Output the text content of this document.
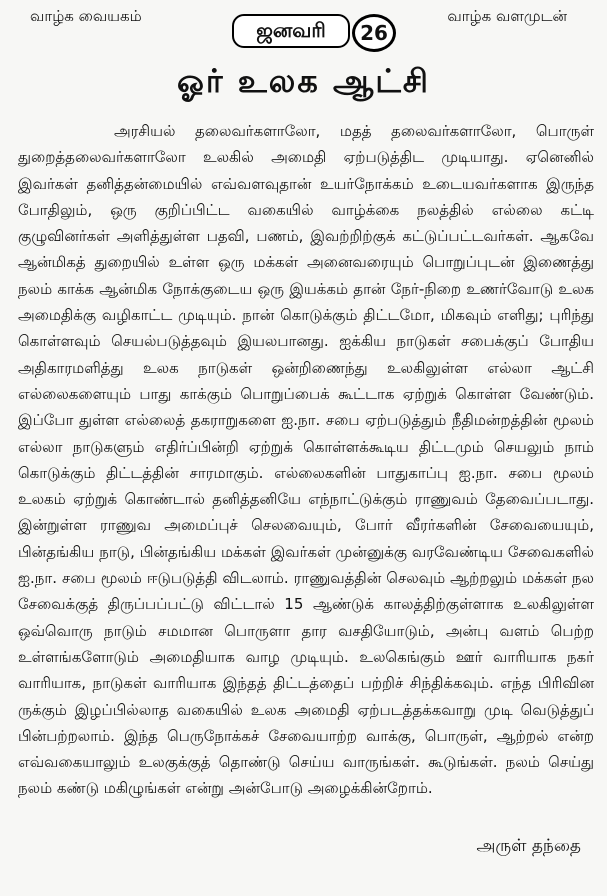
வாழ்க வையகம்	வாழ்க வளமுடன்
ஜனவரி	26
ஓர் உலக ஆட்சி

அரசியல் தலைவர்களாலோ, மதத் தலைவர்களாலோ, பொருள் துறைத்தலைவர்களாலோ உலகில் அமைதி ஏற்படுத்திட முடியாது. ஏனெனில் இவர்கள் தனித்தன்மையில் எவ்வளவுதான் உயர்நோக்கம் உடையவர்களாக இருந்த போதிலும், ஒரு குறிப்பிட்ட வகையில் வாழ்க்கை நலத்தில் எல்லை கட்டி குழுவினர்கள் அளித்துள்ள பதவி, பணம், இவற்றிற்குக் கட்டுப்பட்டவர்கள். ஆகவே ஆன்மிகத் துறையில் உள்ள ஒரு மக்கள் அனைவரையும் பொறுப்புடன் இணைத்து நலம் காக்க ஆன்மிக நோக்குடைய ஒரு இயக்கம் தான் நேர்-நிறை உணர்வோடு உலக அமைதிக்கு வழிகாட்ட முடியும். நான் கொடுக்கும் திட்டமோ, மிகவும் எளிது; புரிந்து கொள்ளவும் செயல்படுத்தவும் இயலபானது. ஐக்கிய நாடுகள் சபைக்குப் போதிய அதிகாரமளித்து உலக நாடுகள் ஒன்றிணைந்து உலகிலுள்ள எல்லா ஆட்சி எல்லைகளையும் பாது காக்கும் பொறுப்பைக் கூட்டாக ஏற்றுக் கொள்ள வேண்டும். இப்போ துள்ள எல்லைத் தகராறுகளை ஐ.நா. சபை ஏற்படுத்தும் நீதிமன்றத்தின் மூலம் எல்லா நாடுகளும் எதிர்ப்பின்றி ஏற்றுக் கொள்ளக்கூடிய திட்டமும் செயலும் நாம் கொடுக்கும் திட்டத்தின் சாரமாகும். எல்லைகளின் பாதுகாப்பு ஐ.நா. சபை மூலம் உலகம் ஏற்றுக் கொண்டால் தனித்தனியே எந்நாட்டுக்கும் ராணுவம் தேவைப்படாது. இன்றுள்ள ராணுவ அமைப்புச் செலவையும், போர் வீரர்களின் சேவையையும், பின்தங்கிய நாடு, பின்தங்கிய மக்கள் இவர்கள் முன்னுக்கு வரவேண்டிய சேவைகளில் ஐ.நா. சபை மூலம் ஈடுபடுத்தி விடலாம். ராணுவத்தின் செலவும் ஆற்றலும் மக்கள் நல சேவைக்குத் திருப்பப்பட்டு விட்டால் 15 ஆண்டுக் காலத்திற்குள்ளாக உலகிலுள்ள ஒவ்வொரு நாடும் சமமான பொருளா தார வசதியோடும், அன்பு வளம் பெற்ற உள்ளங்களோடும் அமைதியாக வாழ முடியும். உலகெங்கும் ஊர் வாரியாக நகர் வாரியாக, நாடுகள் வாரியாக இந்தத் திட்டத்தைப் பற்றிச் சிந்திக்கவும். எந்த பிரிவின ருக்கும் இழப்பில்லாத வகையில் உலக அமைதி ஏற்படத்தக்கவாறு முடி வெடுத்துப் பின்பற்றலாம். இந்த பெருநோக்கச் சேவையாற்ற வாக்கு, பொருள், ஆற்றல் என்ற எவ்வகையாலும் உலகுக்குத் தொண்டு செய்ய வாருங்கள். கூடுங்கள். நலம் செய்து நலம் கண்டு மகிழுங்கள் என்று அன்போடு அழைக்கின்றோம்.

அருள் தந்தை
